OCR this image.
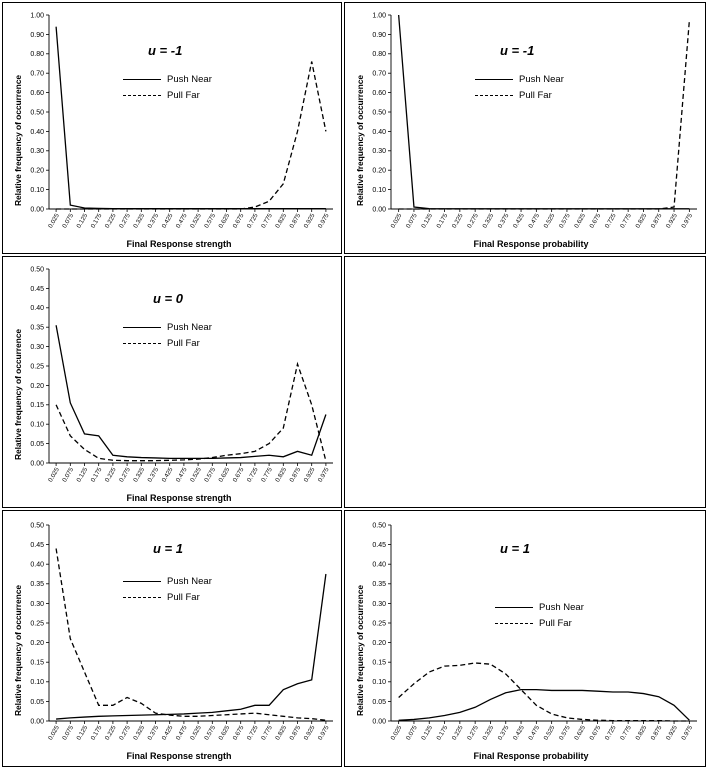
0.00
0.10
0.20
0.30
0.40
0.50
0.60
0.70
0.80
0.90
1.00
0.025 0.075 0.125 0.175 0.225 0.275 0.325 0.375 0.425 0.475 0.525 0.575 0.625 0.675 0.725 0.775 0.825 0.875 0.925 0.975
Relative frequency of occurrence
Final Response strength
u = -1
Push Near
Pull Far
0.00
0.10
0.20
0.30
0.40
0.50
0.60
0.70
0.80
0.90
1.00
0.025 0.075 0.125 0.175 0.225 0.275 0.325 0.375 0.425 0.475 0.525 0.575 0.625 0.675 0.725 0.775 0.825 0.875 0.925 0.975
Relative frequency of occurrence
Final Response probability
u = -1
Push Near
Pull Far
0.00
0.05
0.10
0.15
0.20
0.25
0.30
0.35
0.40
0.45
0.50
0.025 0.075 0.125 0.175 0.225 0.275 0.325 0.375 0.425 0.475 0.525 0.575 0.625 0.675 0.725 0.775 0.825 0.875 0.925 0.975
Relative frequency of occurrence
Final Response strength
u = 0
Push Near
Pull Far
0.00
0.05
0.10
0.15
0.20
0.25
0.30
0.35
0.40
0.45
0.50
0.025 0.075 0.125 0.175 0.225 0.275 0.325 0.375 0.425 0.475 0.525 0.575 0.625 0.675 0.725 0.775 0.825 0.875 0.925 0.975
Relative frequency of occurrence
Final Response strength
u = 1
Push Near
Pull Far
0.00
0.05
0.10
0.15
0.20
0.25
0.30
0.35
0.40
0.45
0.50
0.025 0.075 0.125 0.175 0.225 0.275 0.325 0.375 0.425 0.475 0.525 0.575 0.625 0.675 0.725 0.775 0.825 0.875 0.925 0.975
Relative frequency of occurrence
Final Response probability
u = 1
Push Near
Pull Far
